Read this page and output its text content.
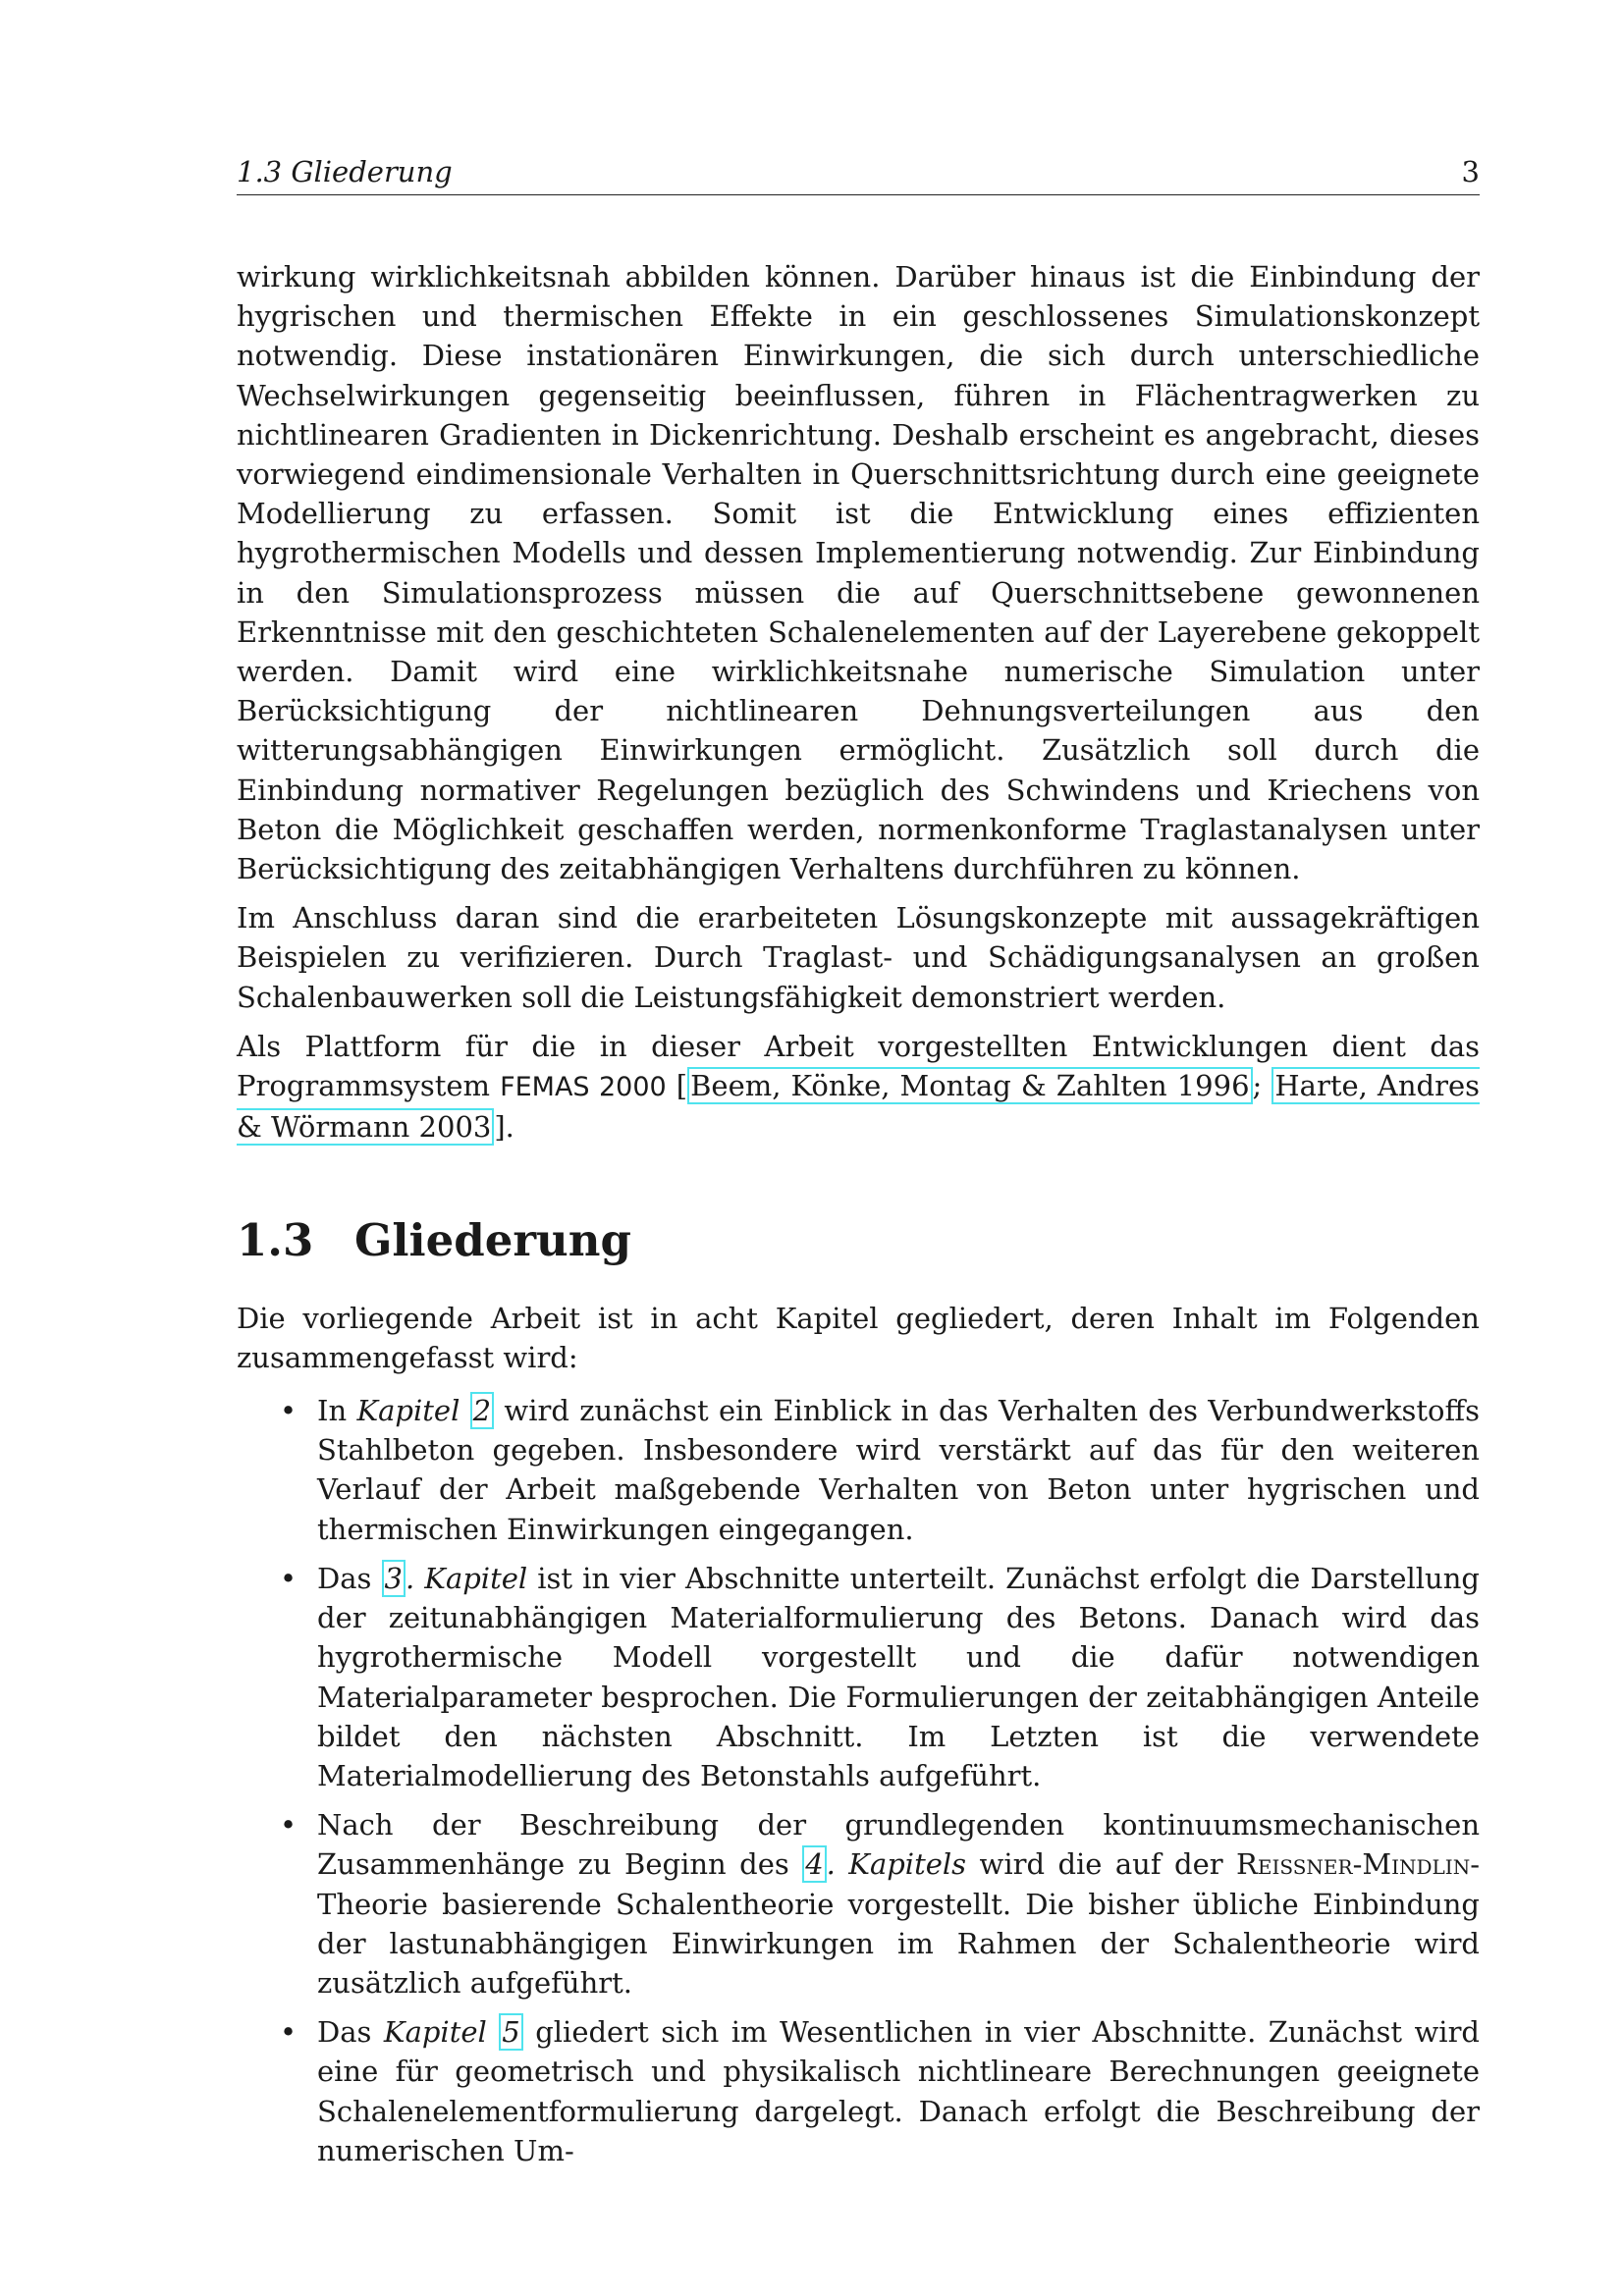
1.3 Gliederung	3

wirkung wirklichkeitsnah abbilden können. Darüber hinaus ist die Einbindung der hygrischen und thermischen Effekte in ein geschlossenes Simulationskonzept notwendig. Diese instationären Einwirkungen, die sich durch unterschiedliche Wechselwirkungen gegenseitig beeinflussen, führen in Flächentragwerken zu nichtlinearen Gradienten in Dickenrichtung. Deshalb erscheint es angebracht, dieses vorwiegend eindimensionale Verhalten in Querschnittsrichtung durch eine geeignete Modellierung zu erfassen. Somit ist die Entwicklung eines effizienten hygrothermischen Modells und dessen Implementierung notwendig. Zur Einbindung in den Simulationsprozess müssen die auf Querschnittsebene gewonnenen Erkenntnisse mit den geschichteten Schalenelementen auf der Layerebene gekoppelt werden. Damit wird eine wirklichkeitsnahe numerische Simulation unter Berücksichtigung der nichtlinearen Dehnungsverteilungen aus den witterungsabhängigen Einwirkungen ermöglicht. Zusätzlich soll durch die Einbindung normativer Regelungen bezüglich des Schwindens und Kriechens von Beton die Möglichkeit geschaffen werden, normenkonforme Traglastanalysen unter Berücksichtigung des zeitabhängigen Verhaltens durchführen zu können.

Im Anschluss daran sind die erarbeiteten Lösungskonzepte mit aussagekräftigen Beispielen zu verifizieren. Durch Traglast- und Schädigungsanalysen an großen Schalenbauwerken soll die Leistungsfähigkeit demonstriert werden.

Als Plattform für die in dieser Arbeit vorgestellten Entwicklungen dient das Programmsystem FEMAS 2000 [ Beem, Könke, Montag & Zahlten 1996 ; Harte, Andres & Wörmann 2003 ].

1.3 Gliederung

Die vorliegende Arbeit ist in acht Kapitel gegliedert, deren Inhalt im Folgenden zusammengefasst wird:

• In Kapitel 2 wird zunächst ein Einblick in das Verhalten des Verbundwerkstoffs Stahlbeton gegeben. Insbesondere wird verstärkt auf das für den weiteren Verlauf der Arbeit maßgebende Verhalten von Beton unter hygrischen und thermischen Einwirkungen eingegangen.
• Das 3 . Kapitel ist in vier Abschnitte unterteilt. Zunächst erfolgt die Darstellung der zeitunabhängigen Materialformulierung des Betons. Danach wird das hygrothermische Modell vorgestellt und die dafür notwendigen Materialparameter besprochen. Die Formulierungen der zeitabhängigen Anteile bildet den nächsten Abschnitt. Im Letzten ist die verwendete Materialmodellierung des Betonstahls aufgeführt.
• Nach der Beschreibung der grundlegenden kontinuumsmechanischen Zusammenhänge zu Beginn des 4 . Kapitels wird die auf der Reissner-Mindlin-Theorie basierende Schalentheorie vorgestellt. Die bisher übliche Einbindung der lastunabhängigen Einwirkungen im Rahmen der Schalentheorie wird zusätzlich aufgeführt.
• Das Kapitel 5 gliedert sich im Wesentlichen in vier Abschnitte. Zunächst wird eine für geometrisch und physikalisch nichtlineare Berechnungen geeignete Schalenelementformulierung dargelegt. Danach erfolgt die Beschreibung der numerischen Um-
